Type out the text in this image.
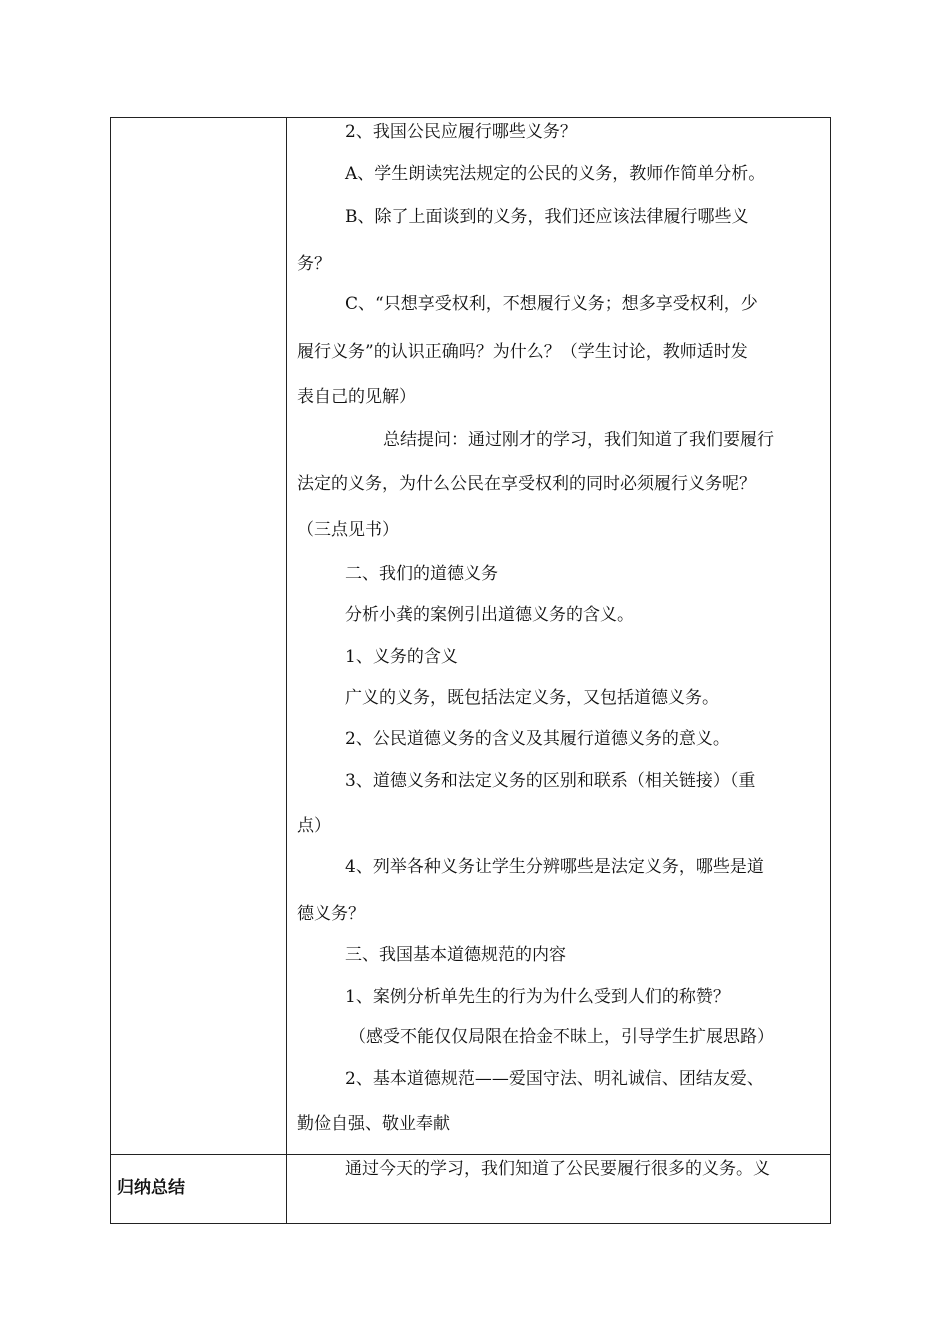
2、我国公民应履行哪些义务？
A、学生朗读宪法规定的公民的义务，教师作简单分析。
B、除了上面谈到的义务，我们还应该法律履行哪些义
务？
C、“只想享受权利，不想履行义务；想多享受权利，少
履行义务”的认识正确吗？为什么？（学生讨论，教师适时发
表自己的见解）
总结提问：通过刚才的学习，我们知道了我们要履行
法定的义务，为什么公民在享受权利的同时必须履行义务呢？
（三点见书）
二、我们的道德义务
分析小龚的案例引出道德义务的含义。
1、义务的含义
广义的义务，既包括法定义务，又包括道德义务。
2、公民道德义务的含义及其履行道德义务的意义。
3、道德义务和法定义务的区别和联系（相关链接）（重
点）
4、列举各种义务让学生分辨哪些是法定义务，哪些是道
德义务？
三、我国基本道德规范的内容
1、案例分析单先生的行为为什么受到人们的称赞？
（感受不能仅仅局限在拾金不昧上，引导学生扩展思路）
2、基本道德规范——爱国守法、明礼诚信、团结友爱、
勤俭自强、敬业奉献
通过今天的学习，我们知道了公民要履行很多的义务。义
归纳总结
